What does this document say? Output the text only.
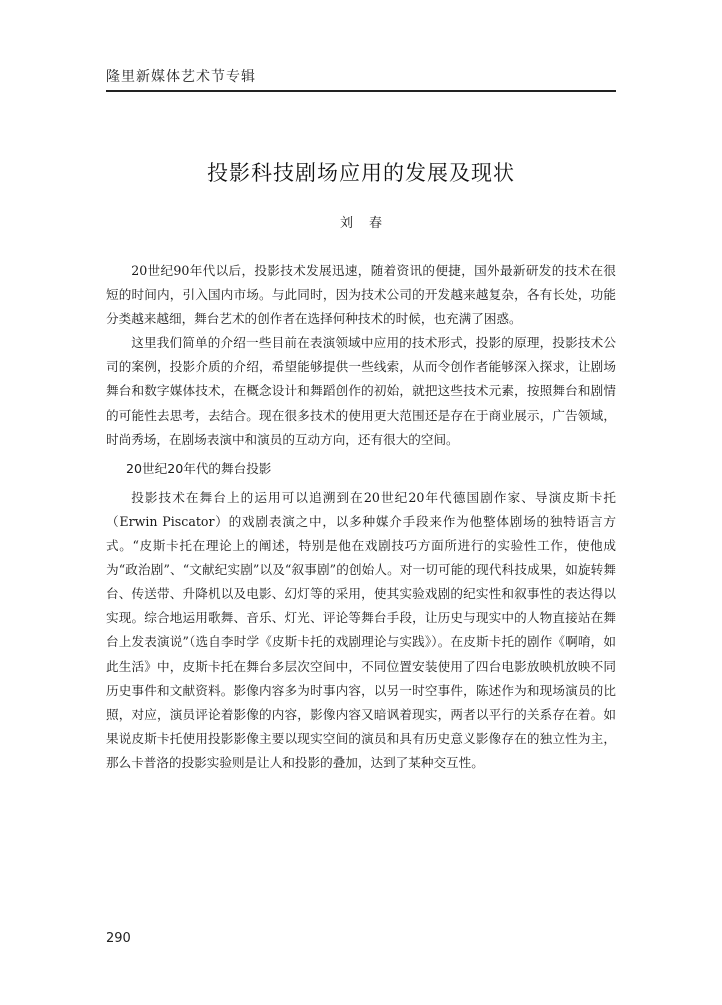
隆里新媒体艺术节专辑
投影科技剧场应用的发展及现状
刘春

20世纪90年代以后，投影技术发展迅速，随着资讯的便捷，国外最新研发的技术在很短的时间内，引入国内市场。与此同时，因为技术公司的开发越来越复杂，各有长处，功能分类越来越细，舞台艺术的创作者在选择何种技术的时候，也充满了困惑。

这里我们简单的介绍一些目前在表演领域中应用的技术形式，投影的原理，投影技术公司的案例，投影介质的介绍，希望能够提供一些线索，从而令创作者能够深入探求，让剧场舞台和数字媒体技术，在概念设计和舞蹈创作的初始，就把这些技术元素，按照舞台和剧情的可能性去思考，去结合。现在很多技术的使用更大范围还是存在于商业展示，广告领域，时尚秀场，在剧场表演中和演员的互动方向，还有很大的空间。

20世纪20年代的舞台投影

投影技术在舞台上的运用可以追溯到在20世纪20年代德国剧作家、导演皮斯卡托（Erwin Piscator）的戏剧表演之中，以多种媒介手段来作为他整体剧场的独特语言方式。“皮斯卡托在理论上的阐述，特别是他在戏剧技巧方面所进行的实验性工作，使他成为“政治剧”、“文献纪实剧”以及“叙事剧”的创始人。对一切可能的现代科技成果，如旋转舞台、传送带、升降机以及电影、幻灯等的采用，使其实验戏剧的纪实性和叙事性的表达得以实现。综合地运用歌舞、音乐、灯光、评论等舞台手段，让历史与现实中的人物直接站在舞台上发表演说”（选自李时学《皮斯卡托的戏剧理论与实践》）。在皮斯卡托的剧作《啊唷，如此生活》中，皮斯卡托在舞台多层次空间中，不同位置安装使用了四台电影放映机放映不同历史事件和文献资料。影像内容多为时事内容，以另一时空事件，陈述作为和现场演员的比照，对应，演员评论着影像的内容，影像内容又暗讽着现实，两者以平行的关系存在着。如果说皮斯卡托使用投影影像主要以现实空间的演员和具有历史意义影像存在的独立性为主，那么卡普洛的投影实验则是让人和投影的叠加，达到了某种交互性。

290
